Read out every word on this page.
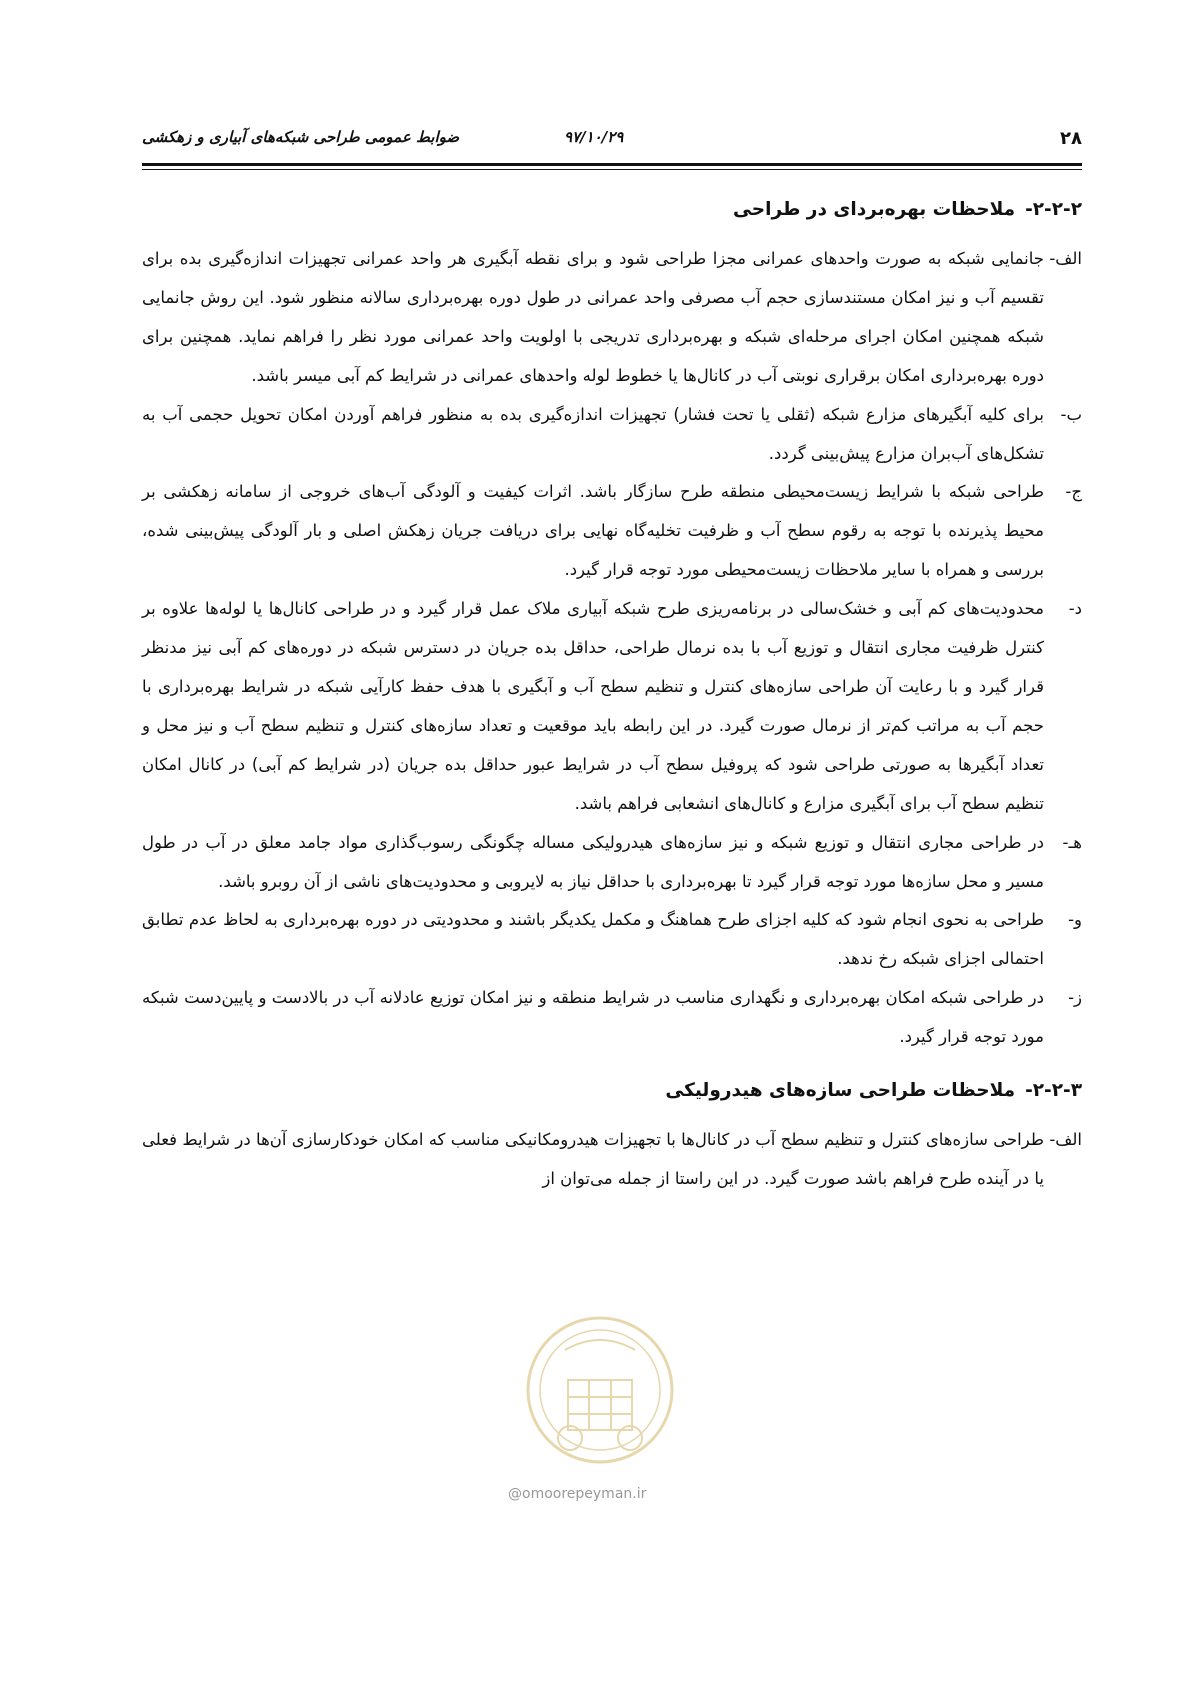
۲۸
۹۷/۱۰/۲۹
ضوابط عمومی طراحی شبکه‌های آبیاری و زهکشی
۲-۲-۲-ملاحظات بهره‌بردای در طراحی

الف-
جانمایی شبکه به صورت واحدهای عمرانی مجزا طراحی شود و برای نقطه آبگیری هر واحد عمرانی تجهیزات اندازه‌گیری بده برای تقسیم آب و نیز امکان مستندسازی حجم آب مصرفی واحد عمرانی در طول دوره بهره‌برداری سالانه منظور شود. این روش جانمایی شبکه همچنین امکان اجرای مرحله‌ای شبکه و بهره‌برداری تدریجی با اولویت واحد عمرانی مورد نظر را فراهم نماید. همچنین برای دوره بهره‌برداری امکان برقراری نوبتی آب در کانال‌ها یا خطوط لوله واحدهای عمرانی در شرایط کم آبی میسر باشد.

ب-
برای کلیه آبگیرهای مزارع شبکه (ثقلی یا تحت فشار) تجهیزات اندازه‌گیری بده به منظور فراهم آوردن امکان تحویل حجمی آب به تشکل‌های آب‌بران مزارع پیش‌بینی گردد.

ج-
طراحی شبکه با شرایط زیست‌محیطی منطقه طرح سازگار باشد. اثرات کیفیت و آلودگی آب‌های خروجی از سامانه زهکشی بر محیط پذیرنده با توجه به رقوم سطح آب و ظرفیت تخلیه‌گاه نهایی برای دریافت جریان زهکش اصلی و بار آلودگی پیش‌بینی شده، بررسی و همراه با سایر ملاحظات زیست‌محیطی مورد توجه قرار گیرد.

د-
محدودیت‌های کم آبی و خشک‌سالی در برنامه‌ریزی طرح شبکه آبیاری ملاک عمل قرار گیرد و در طراحی کانال‌ها یا لوله‌ها علاوه بر کنترل ظرفیت مجاری انتقال و توزیع آب با بده نرمال طراحی، حداقل بده جریان در دسترس شبکه در دوره‌های کم آبی نیز مدنظر قرار گیرد و با رعایت آن طراحی سازه‌های کنترل و تنظیم سطح آب و آبگیری با هدف حفظ کارآیی شبکه در شرایط بهره‌برداری با حجم آب به مراتب کم‌تر از نرمال صورت گیرد. در این رابطه باید موقعیت و تعداد سازه‌های کنترل و تنظیم سطح آب و نیز محل و تعداد آبگیرها به صورتی طراحی شود که پروفیل سطح آب در شرایط عبور حداقل بده جریان (در شرایط کم آبی) در کانال امکان تنظیم سطح آب برای آبگیری مزارع و کانال‌های انشعابی فراهم باشد.

هـ-
در طراحی مجاری انتقال و توزیع شبکه و نیز سازه‌های هیدرولیکی مساله چگونگی رسوب‌گذاری مواد جامد معلق در آب در طول مسیر و محل سازه‌ها مورد توجه قرار گیرد تا بهره‌برداری با حداقل نیاز به لایروبی و محدودیت‌های ناشی از آن روبرو باشد.

و-
طراحی به نحوی انجام شود که کلیه اجزای طرح هماهنگ و مکمل یکدیگر باشند و محدودیتی در دوره بهره‌برداری به لحاظ عدم تطابق احتمالی اجزای شبکه رخ ندهد.

ز-
در طراحی شبکه امکان بهره‌برداری و نگهداری مناسب در شرایط منطقه و نیز امکان توزیع عادلانه آب در بالادست و پایین‌دست شبکه مورد توجه قرار گیرد.

۲-۲-۳-ملاحظات طراحی سازه‌های هیدرولیکی

الف-
طراحی سازه‌های کنترل و تنظیم سطح آب در کانال‌ها با تجهیزات هیدرومکانیکی مناسب که امکان خودکارسازی آن‌ها در شرایط فعلی یا در آینده طرح فراهم باشد صورت گیرد. در این راستا از جمله می‌توان از

@omoorepeyman.ir
